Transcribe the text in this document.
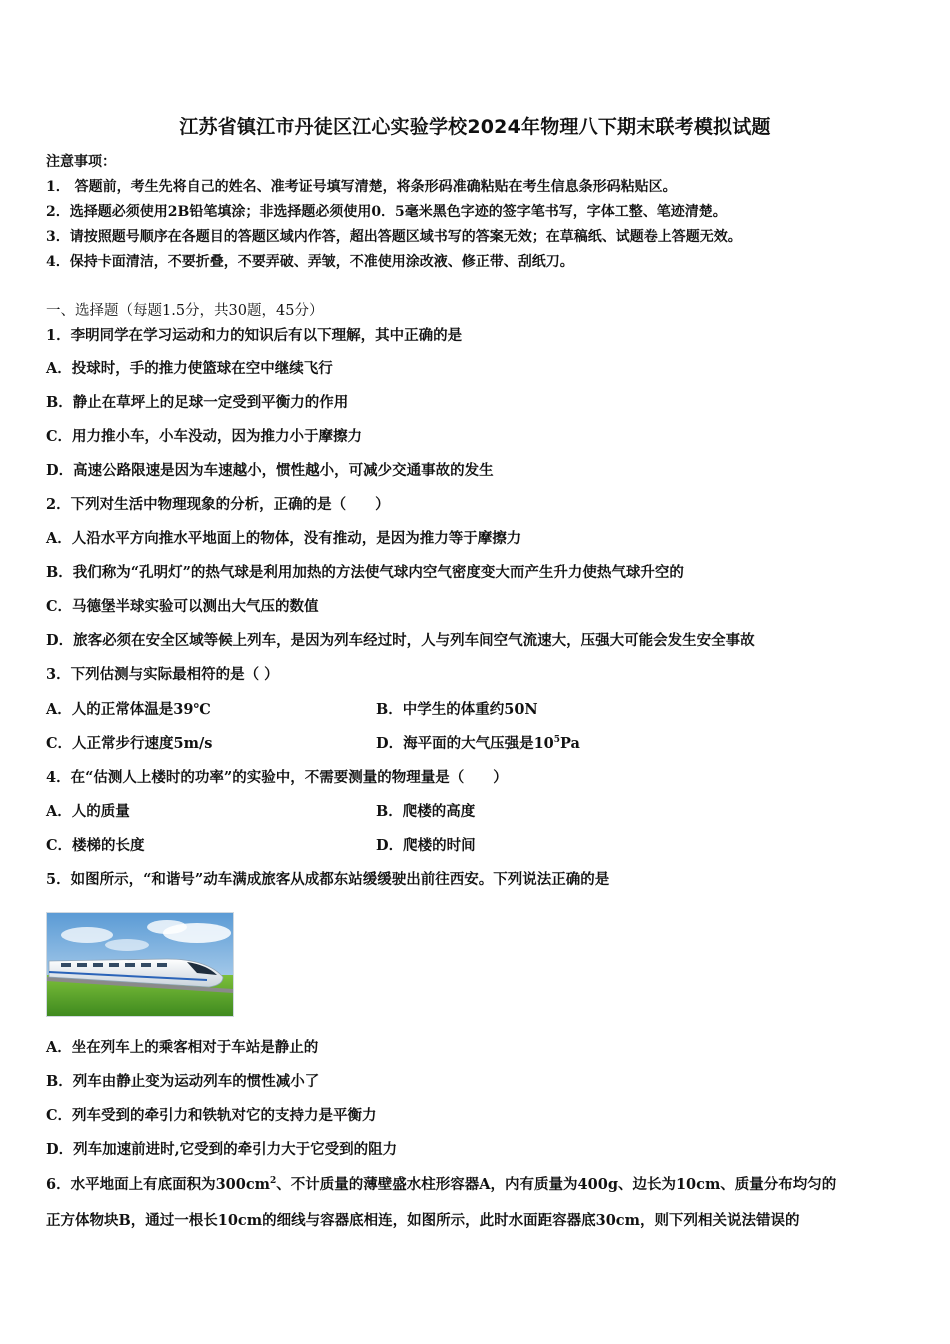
江苏省镇江市丹徒区江心实验学校2024年物理八下期末联考模拟试题
注意事项：
1． 答题前，考生先将自己的姓名、准考证号填写清楚，将条形码准确粘贴在考生信息条形码粘贴区。
2．选择题必须使用2B铅笔填涂；非选择题必须使用0．5毫米黑色字迹的签字笔书写，字体工整、笔迹清楚。
3．请按照题号顺序在各题目的答题区域内作答，超出答题区域书写的答案无效；在草稿纸、试题卷上答题无效。
4．保持卡面清洁，不要折叠，不要弄破、弄皱，不准使用涂改液、修正带、刮纸刀。
一、选择题（每题1.5分，共30题，45分）
1．李明同学在学习运动和力的知识后有以下理解，其中正确的是
A．投球时，手的推力使篮球在空中继续飞行
B．静止在草坪上的足球一定受到平衡力的作用
C．用力推小车，小车没动，因为推力小于摩擦力
D．高速公路限速是因为车速越小，惯性越小，可减少交通事故的发生
2．下列对生活中物理现象的分析，正确的是（　　）
A．人沿水平方向推水平地面上的物体，没有推动，是因为推力等于摩擦力
B．我们称为“孔明灯”的热气球是利用加热的方法使气球内空气密度变大而产生升力使热气球升空的
C．马德堡半球实验可以测出大气压的数值
D．旅客必须在安全区域等候上列车，是因为列车经过时，人与列车间空气流速大，压强大可能会发生安全事故
3．下列估测与实际最相符的是（ ）
A．人的正常体温是39℃	B．中学生的体重约50N
C．人正常步行速度5m/s	D．海平面的大气压强是$10^5Pa$
4．在“估测人上楼时的功率”的实验中，不需要测量的物理量是（　　）
A．人的质量	B．爬楼的高度
C．楼梯的长度	D．爬楼的时间
5．如图所示，“和谐号”动车满成旅客从成都东站缓缓驶出前往西安。下列说法正确的是
A．坐在列车上的乘客相对于车站是静止的
B．列车由静止变为运动列车的惯性减小了
C．列车受到的牵引力和铁轨对它的支持力是平衡力
D．列车加速前进时,它受到的牵引力大于它受到的阻力
6．水平地面上有底面积为$300cm^2$、不计质量的薄壁盛水柱形容器A，内有质量为400g、边长为10cm、质量分布均匀的
正方体物块B，通过一根长10cm的细线与容器底相连，如图所示，此时水面距容器底30cm，则下列相关说法错误的
